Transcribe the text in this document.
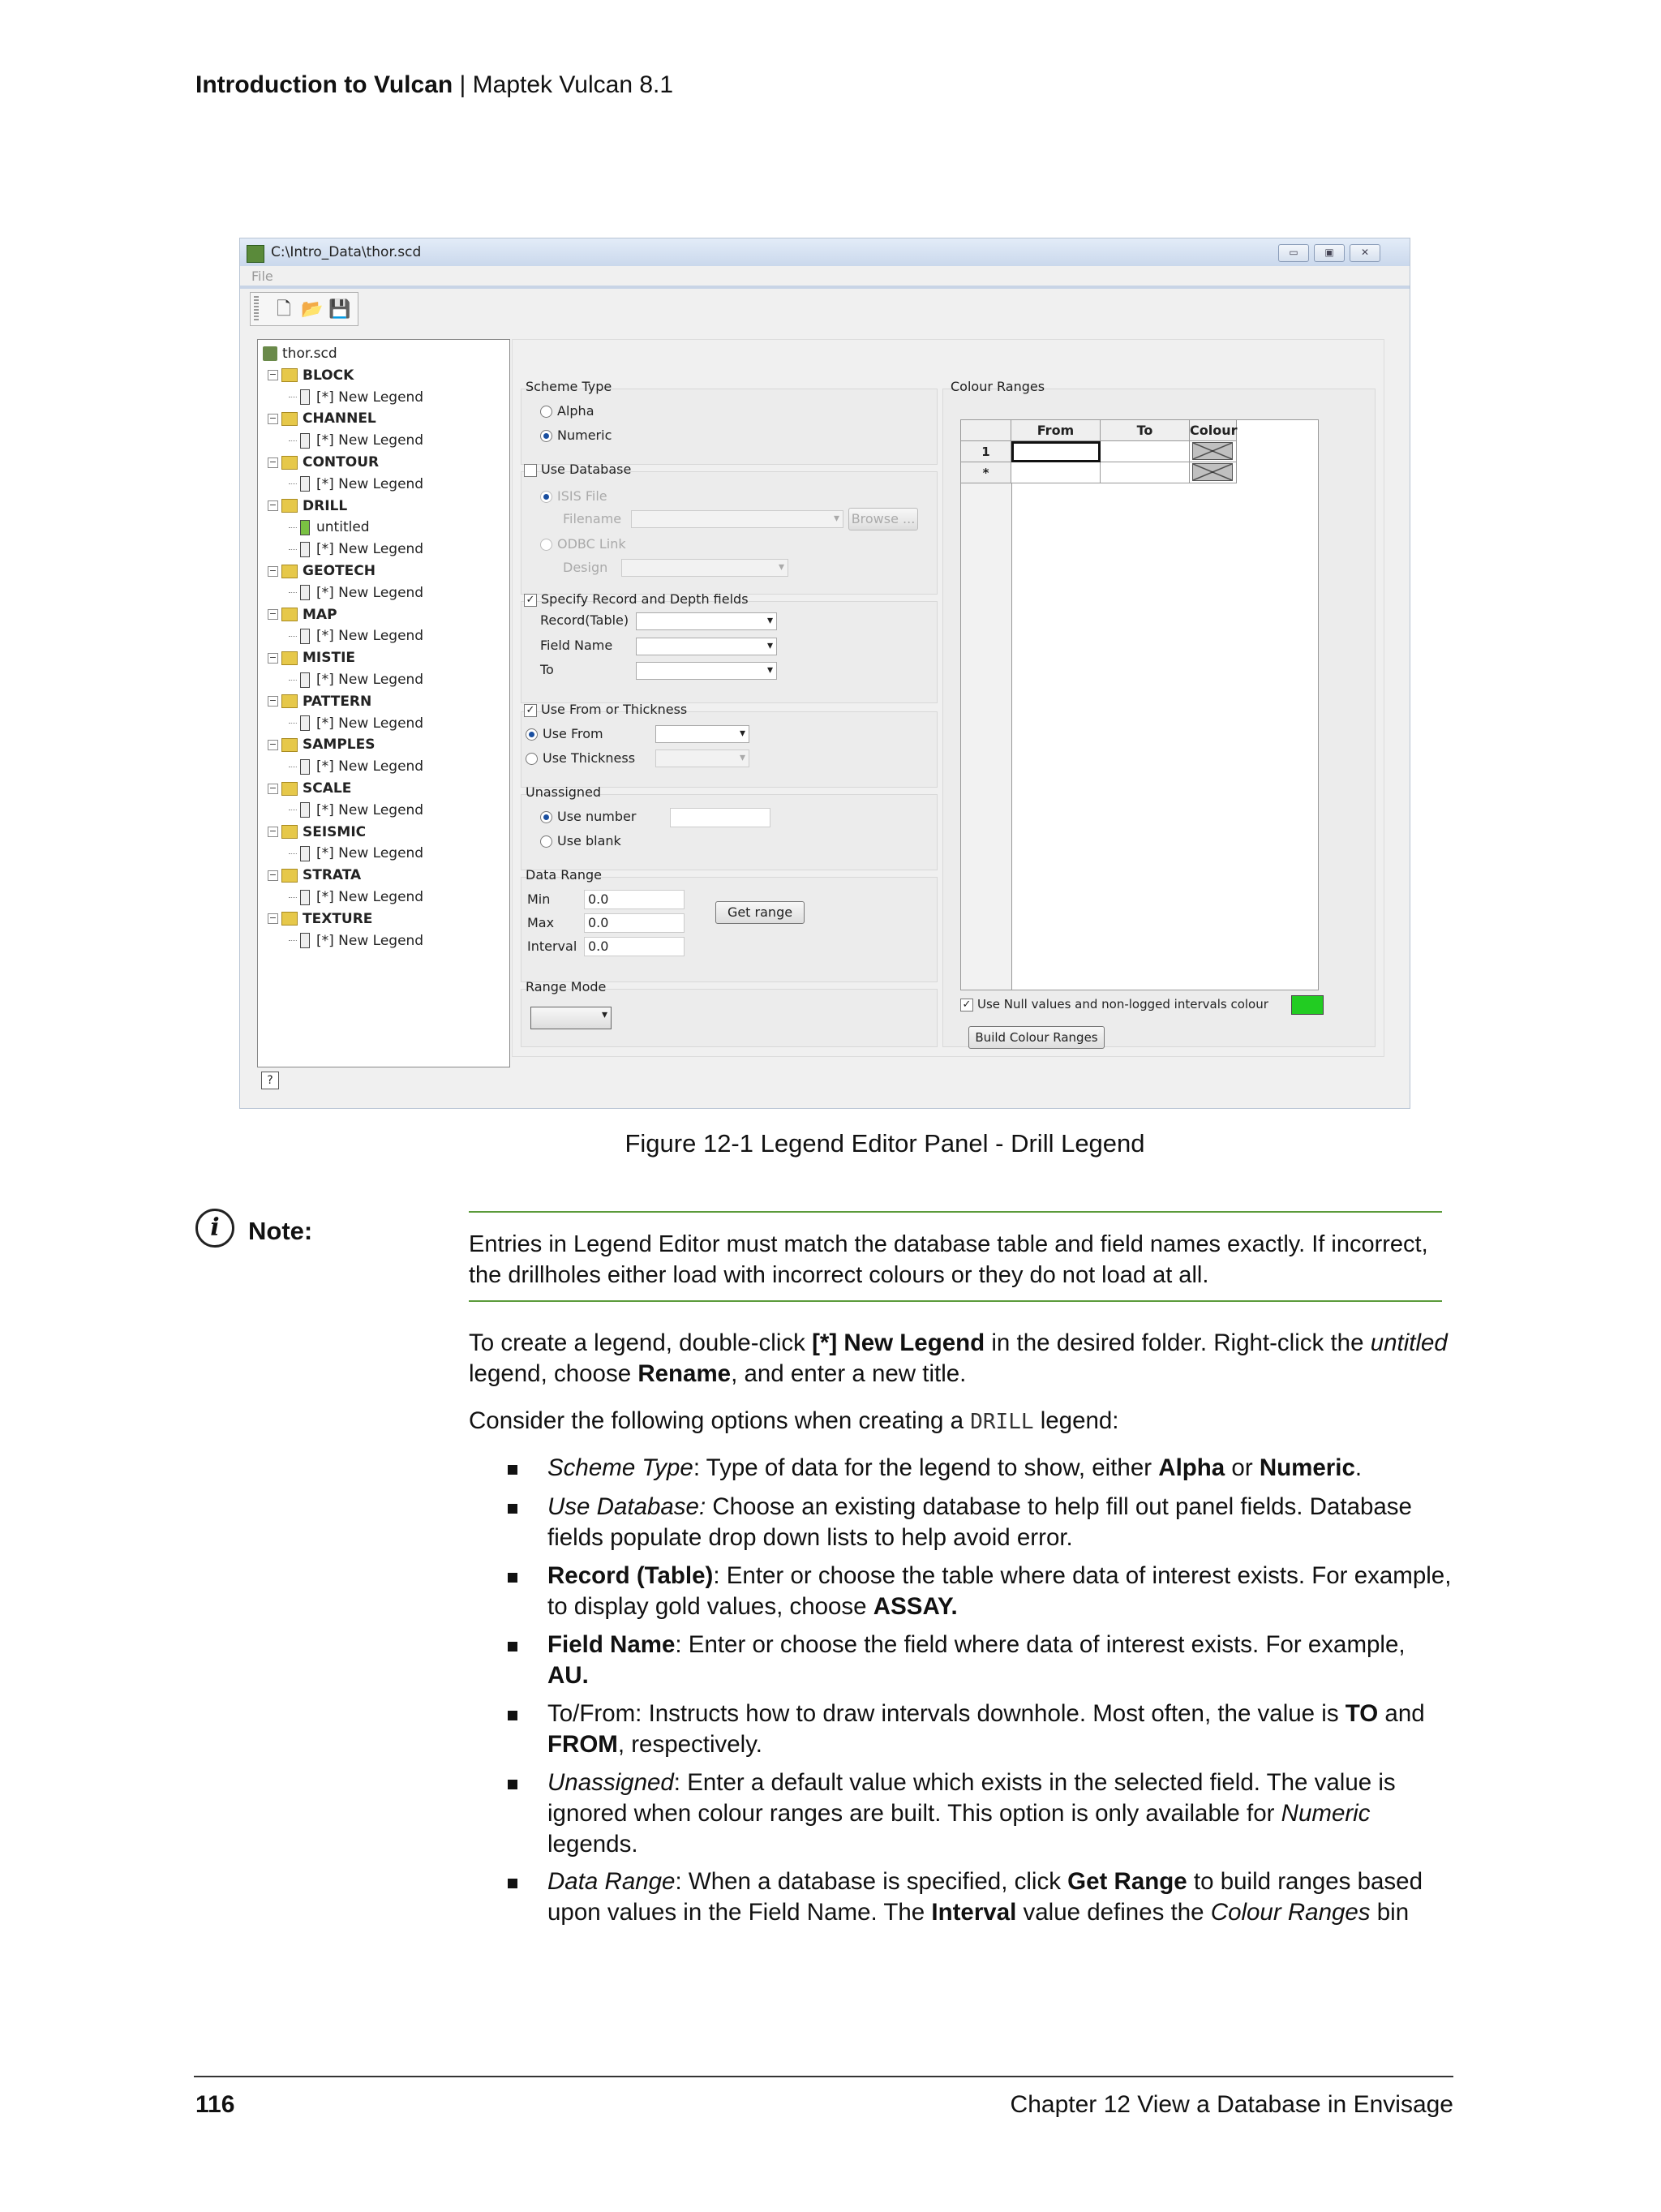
Introduction to Vulcan | Maptek Vulcan 8.1
C:\Intro_Data\thor.scd	▭	▣	✕
File
🗋 📂 💾
thor.scd
− BLOCK
[*] New Legend
− CHANNEL
[*] New Legend
− CONTOUR
[*] New Legend
− DRILL
untitled
[*] New Legend
− GEOTECH
[*] New Legend
− MAP
[*] New Legend
− MISTIE
[*] New Legend
− PATTERN
[*] New Legend
− SAMPLES
[*] New Legend
− SCALE
[*] New Legend
− SEISMIC
[*] New Legend
− STRATA
[*] New Legend
− TEXTURE
[*] New Legend
Scheme Type
Alpha
Numeric
Use Database
ISIS File
Filename
▾	Browse ...
ODBC Link
Design
▾
✓ Specify Record and Depth fields
Record(Table)
▾
Field Name
▾
To
▾
✓ Use From or Thickness
Use From
▾
Use Thickness
▾
Unassigned
Use number
Use blank
Data Range
Min	0.0
Max	0.0
Interval 0.0
Get range
Range Mode
▾
Colour Ranges
From	To	Colour
1
*
✓ Use Null values and non-logged intervals colour
Build Colour Ranges
?
Figure 12-1 Legend Editor Panel - Drill Legend
i	Note:	Entries in Legend Editor must match the database table and field names exactly. If incorrect, the drillholes either load with incorrect colours or they do not load at all.
To create a legend, double-click [*] New Legend in the desired folder. Right-click the untitled legend, choose Rename, and enter a new title.
Consider the following options when creating a DRILL legend:
Scheme Type: Type of data for the legend to show, either Alpha or Numeric.
Use Database: Choose an existing database to help fill out panel fields. Database fields populate drop down lists to help avoid error.
Record (Table): Enter or choose the table where data of interest exists. For example, to display gold values, choose ASSAY.
Field Name: Enter or choose the field where data of interest exists. For example, AU.
To/From: Instructs how to draw intervals downhole. Most often, the value is TO and FROM, respectively.
Unassigned: Enter a default value which exists in the selected field. The value is ignored when colour ranges are built. This option is only available for Numeric legends.
Data Range: When a database is specified, click Get Range to build ranges based upon values in the Field Name. The Interval value defines the Colour Ranges bin
116	Chapter 12 View a Database in Envisage
